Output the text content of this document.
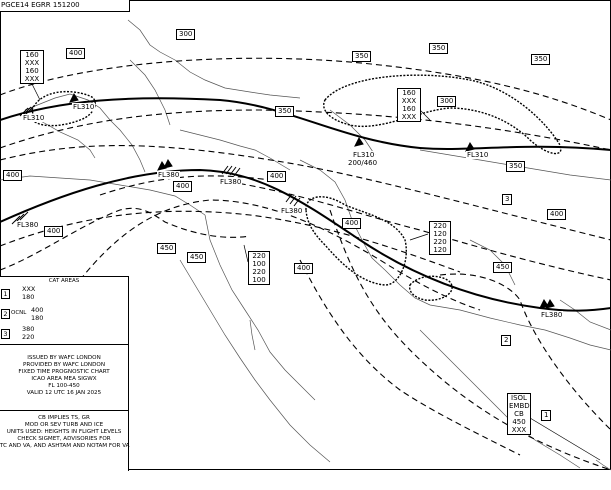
PGCE14 EGRR 151200
FL310
FL310
FL310	FL310
200/460
FL380
FL380
FL380
FL380
FL380
400
300
350
350
350
350
300
350
400
400
400
400
400
400
450
450
400	450
160
XXX
160
XXX
160
XXX
160
XXX
220
120
220
120
220
100
220
100
3
2
1
ISOL
EMBD
CB
450
XXX
CAT AREAS
1
XXX
180
2 OCNL 400
180
3
380
220
ISSUED BY WAFC LONDON
PROVIDED BY WAFC LONDON
FIXED TIME PROGNOSTIC CHART
ICAO AREA MEA SIGWX
FL 100-450
VALID 12 UTC 16 JAN 2025
CB IMPLIES TS, GR
MOD OR SEV TURB AND ICE
UNITS USED: HEIGHTS IN FLIGHT LEVELS
CHECK SIGMET, ADVISORIES FOR
TC AND VA, AND ASHTAM AND NOTAM FOR VA
